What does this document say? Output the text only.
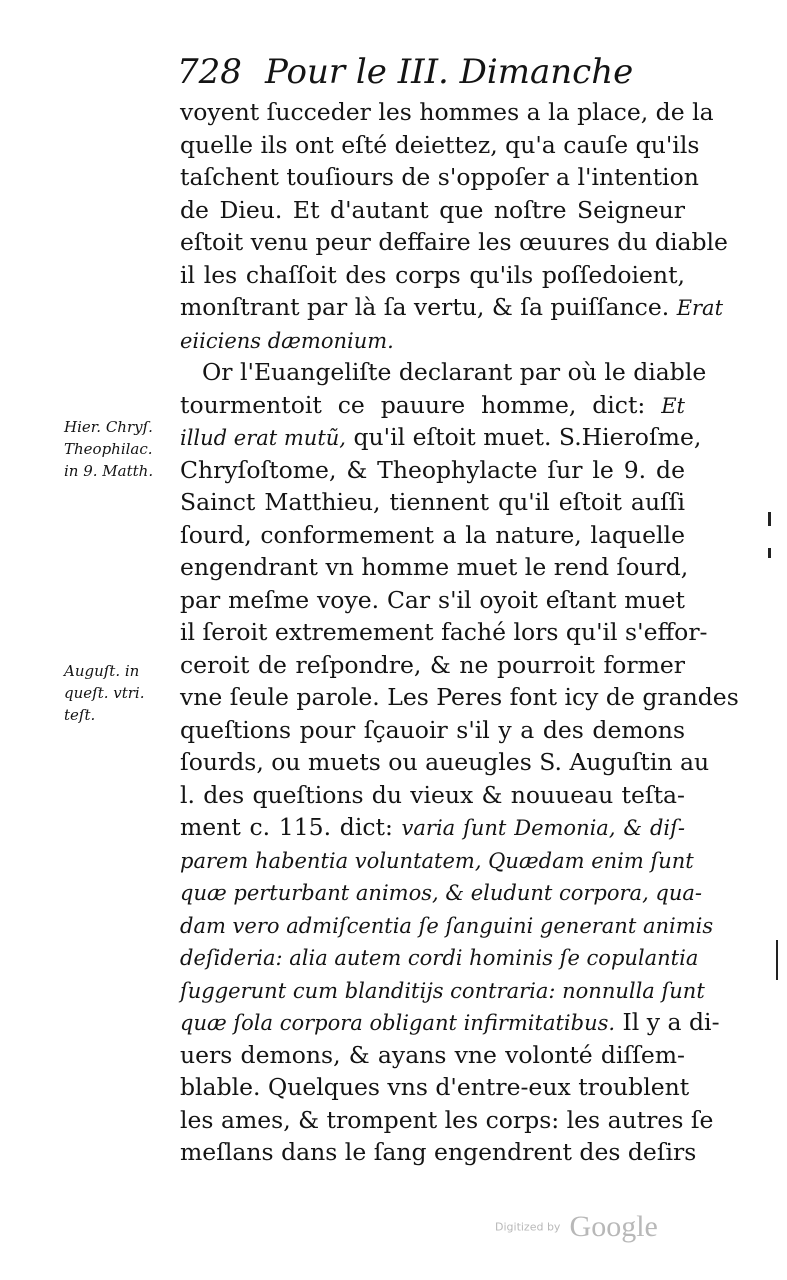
728 Pour le III. Dimanche
voyent ſucceder les hommes a la place, de la
quelle ils ont eſté deiettez, qu'a cauſe qu'ils
taſchent touſiours de s'oppoſer a l'intention
de Dieu. Et d'autant que noſtre Seigneur
eſtoit venu peur deffaire les œuures du diable
il les chaſſoit des corps qu'ils poſſedoient,
monſtrant par là ſa vertu, & ſa puiſſance. Erat
eiiciens dæmonium.
Or l'Euangeliſte declarant par où le diable
tourmentoit ce pauure homme, dict: Et
illud erat mutũ, qu'il eſtoit muet. S.Hieroſme,
Chryſoſtome, & Theophylacte ſur le 9. de
Sainct Matthieu, tiennent qu'il eſtoit auſſi
ſourd, conformement a la nature, laquelle
engendrant vn homme muet le rend ſourd,
par meſme voye. Car s'il oyoit eſtant muet
il ſeroit extremement faché lors qu'il s'effor-
ceroit de reſpondre, & ne pourroit former
vne ſeule parole. Les Peres font icy de grandes
queſtions pour ſçauoir s'il y a des demons
ſourds, ou muets ou aueugles S. Auguſtin au
l. des queſtions du vieux & nouueau teſta-
ment c. 115. dict: varia ſunt Demonia, & diſ-
parem habentia voluntatem, Quædam enim ſunt
quæ perturbant animos, & eludunt corpora, qua-
dam vero admiſcentia ſe ſanguini generant animis
deſideria: alia autem cordi hominis ſe copulantia
ſuggerunt cum blanditijs contraria: nonnulla ſunt
quæ ſola corpora obligant infirmitatibus. Il y a di-
uers demons, & ayans vne volonté diſſem-
blable. Quelques vns d'entre-eux troublent
les ames, & trompent les corps: les autres ſe
meſlans dans le ſang engendrent des deſirs
Hier. Chryſ.
Theophilac.
in 9. Matth.
Auguſt. in
queſt. vtri.
teſt.
Digitized by Google
